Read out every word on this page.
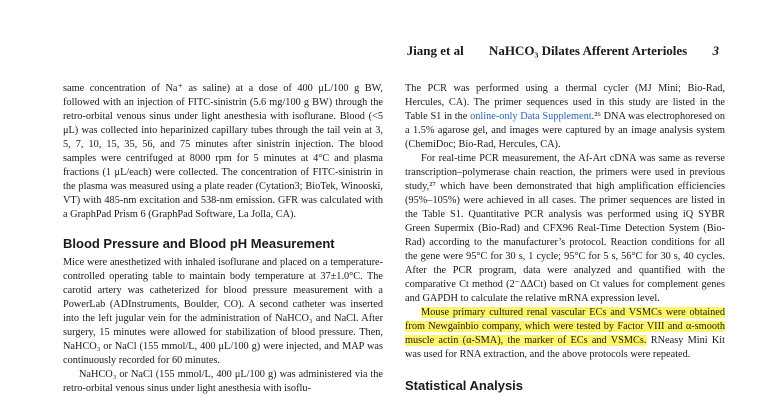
Jiang et al NaHCO₃ Dilates Afferent Arterioles 3

same concentration of Na⁺ as saline) at a dose of 400 μL/100 g BW, followed with an injection of FITC-sinistrin (5.6 mg/100 g BW) through the retro-orbital venous sinus under light anesthesia with isoflurane. Blood (<5 μL) was collected into heparinized capillary tubes through the tail vein at 3, 5, 7, 10, 15, 35, 56, and 75 minutes after sinistrin injection. The blood samples were centrifuged at 8000 rpm for 5 minutes at 4°C and plasma fractions (1 μL/each) were collected. The concentration of FITC-sinistrin in the plasma was measured using a plate reader (Cytation3; BioTek, Winooski, VT) with 485-nm excitation and 538-nm emission. GFR was calculated with a GraphPad Prism 6 (GraphPad Software, La Jolla, CA).

Blood Pressure and Blood pH Measurement

Mice were anesthetized with inhaled isoflurane and placed on a temperature-controlled operating table to maintain body temperature at 37±1.0°C. The carotid artery was catheterized for blood pressure measurement with a PowerLab (ADInstruments, Boulder, CO). A second catheter was inserted into the left jugular vein for the administration of NaHCO₃ and NaCl. After surgery, 15 minutes were allowed for stabilization of blood pressure. Then, NaHCO₃ or NaCl (155 mmol/L, 400 μL/100 g) were injected, and MAP was continuously recorded for 60 minutes.

NaHCO₃ or NaCl (155 mmol/L, 400 μL/100 g) was administered via the retro-orbital venous sinus under light anesthesia with isoflu-

The PCR was performed using a thermal cycler (MJ Mini; Bio-Rad, Hercules, CA). The primer sequences used in this study are listed in the Table S1 in the online-only Data Supplement.²⁶ DNA was electrophoresed on a 1.5% agarose gel, and images were captured by an image analysis system (ChemiDoc; Bio-Rad, Hercules, CA).

For real-time PCR measurement, the Af-Art cDNA was same as reverse transcription–polymerase chain reaction, the primers were used in previous study,²⁷ which have been demonstrated that high amplification efficiencies (95%–105%) were achieved in all cases. The primer sequences are listed in the Table S1. Quantitative PCR analysis was performed using iQ SYBR Green Supermix (Bio-Rad) and CFX96 Real-Time Detection System (Bio-Rad) according to the manufacturer’s protocol. Reaction conditions for all the gene were 95°C for 30 s, 1 cycle; 95°C for 5 s, 56°C for 30 s, 40 cycles. After the PCR program, data were analyzed and quantified with the comparative Ct method (2⁻ΔΔCt) based on Ct values for complement genes and GAPDH to calculate the relative mRNA expression level.

Mouse primary cultured renal vascular ECs and VSMCs were obtained from Newgainbio company, which were tested by Factor VIII and α-smooth muscle actin (α-SMA), the marker of ECs and VSMCs. RNeasy Mini Kit was used for RNA extraction, and the above protocols were repeated.

Statistical Analysis
